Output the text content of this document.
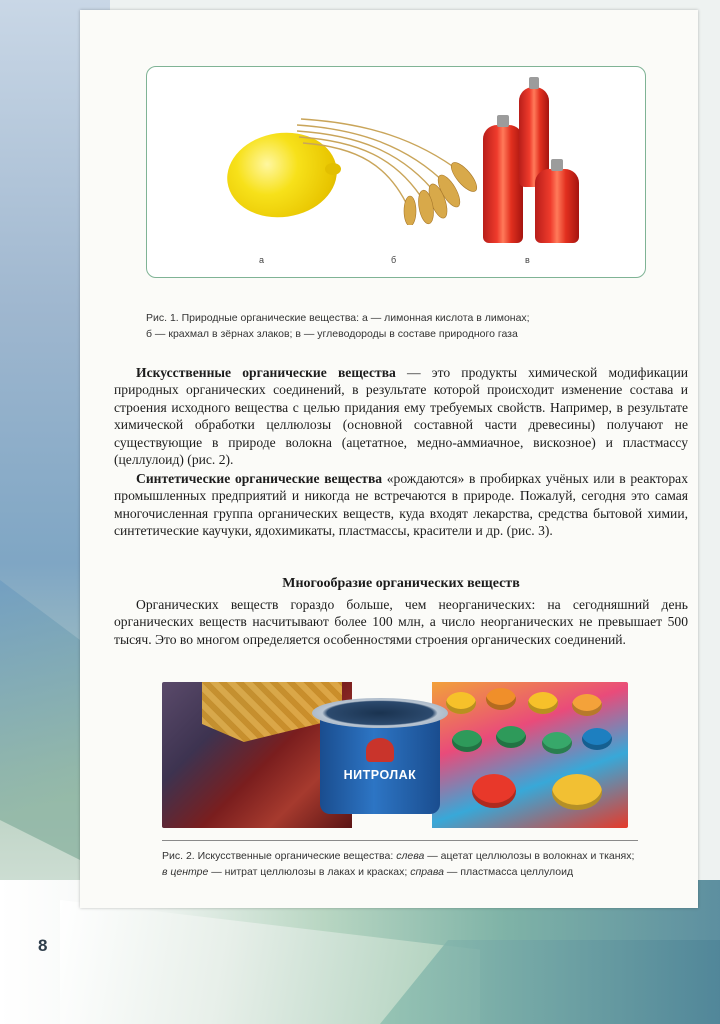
8
а	б	в
Рис. 1. Природные органические вещества: а — лимонная кислота в лимонах;
б — крахмал в зёрнах злаков; в — углеводороды в составе природного газа

Искусственные органические вещества — это продукты химической модификации природных органических соединений, в результате которой происходит изменение состава и строения исходного вещества с целью придания ему требуемых свойств. Например, в результате химической обработки целлюлозы (основной составной части древесины) получают не существующие в природе волокна (ацетатное, медно-аммиачное, вискозное) и пластмассу (целлулоид) (рис. 2).

Синтетические органические вещества «рождаются» в пробирках учёных или в реакторах промышленных предприятий и никогда не встречаются в природе. Пожалуй, сегодня это самая многочисленная группа органических веществ, куда входят лекарства, средства бытовой химии, синтетические каучуки, ядохимикаты, пластмассы, красители и др. (рис. 3).

Многообразие органических веществ

Органических веществ гораздо больше, чем неорганических: на сегодняшний день органических веществ насчитывают более 100 млн, а число неорганических не превышает 500 тысяч. Это во многом определяется особенностями строения органических соединений.

НИТРОЛАК
Рис. 2. Искусственные органические вещества: слева — ацетат целлюлозы в волокнах и тканях; в центре — нитрат целлюлозы в лаках и красках; справа — пластмасса целлулоид
